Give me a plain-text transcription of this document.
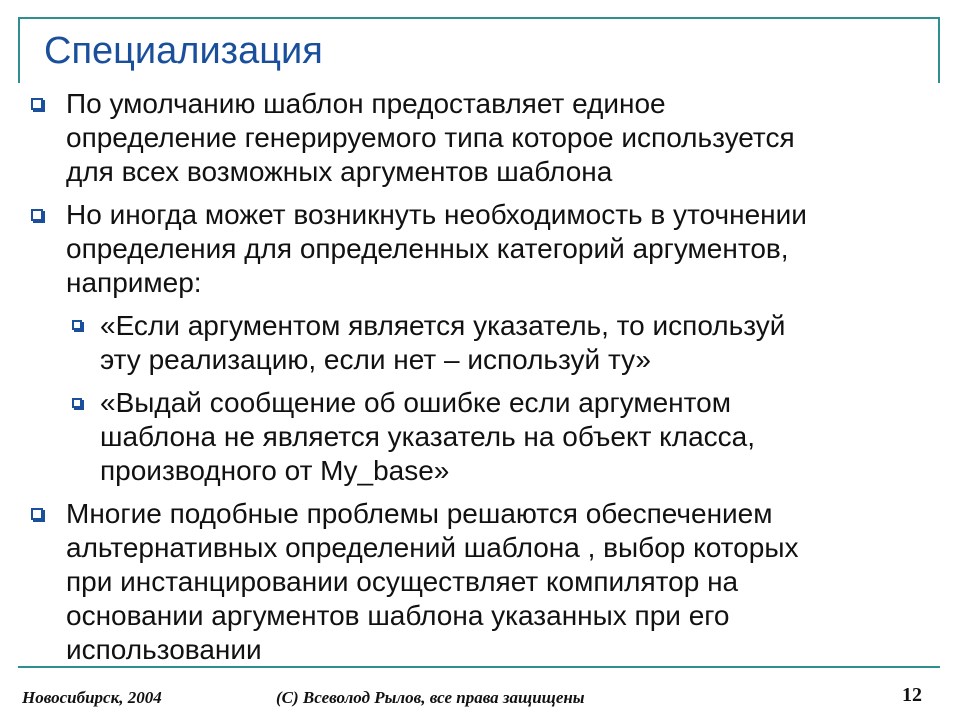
Специализация
По умолчанию шаблон предоставляет единое
определение генерируемого типа которое используется
для всех возможных аргументов шаблона
Но иногда может возникнуть необходимость в уточнении
определения для определенных категорий аргументов,
например:
«Если аргументом является указатель, то используй
эту реализацию, если нет – используй ту»
«Выдай сообщение об ошибке если аргументом
шаблона не является указатель на объект класса,
производного от My_base»
Многие подобные проблемы решаются обеспечением
альтернативных определений шаблона , выбор которых
при инстанцировании осуществляет компилятор на
основании аргументов шаблона указанных при его
использовании
Новосибирск, 2004	(C) Всеволод Рылов, все права защищены	12
